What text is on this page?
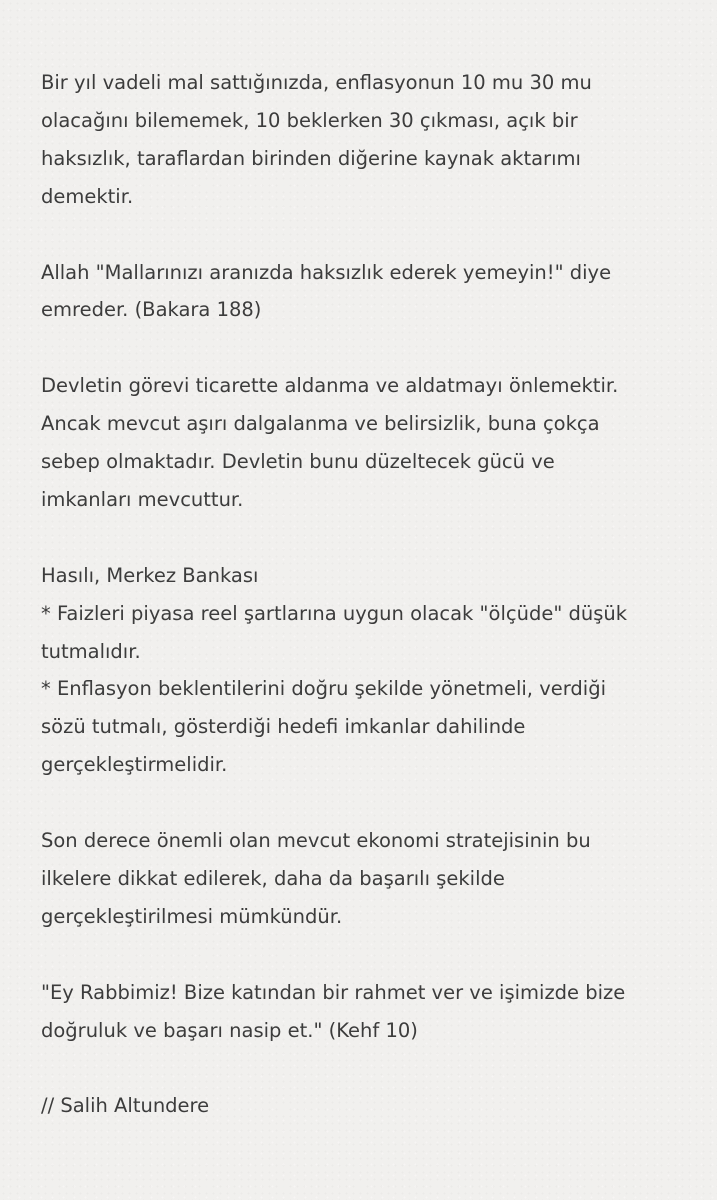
Bir yıl vadeli mal sattığınızda, enflasyonun 10 mu 30 mu
olacağını bilememek, 10 beklerken 30 çıkması, açık bir
haksızlık, taraflardan birinden diğerine kaynak aktarımı
demektir.

Allah "Mallarınızı aranızda haksızlık ederek yemeyin!" diye
emreder. (Bakara 188)

Devletin görevi ticarette aldanma ve aldatmayı önlemektir.
Ancak mevcut aşırı dalgalanma ve belirsizlik, buna çokça
sebep olmaktadır. Devletin bunu düzeltecek gücü ve
imkanları mevcuttur.

Hasılı, Merkez Bankası
* Faizleri piyasa reel şartlarına uygun olacak "ölçüde" düşük
tutmalıdır.
* Enflasyon beklentilerini doğru şekilde yönetmeli, verdiği
sözü tutmalı, gösterdiği hedefi imkanlar dahilinde
gerçekleştirmelidir.

Son derece önemli olan mevcut ekonomi stratejisinin bu
ilkelere dikkat edilerek, daha da başarılı şekilde
gerçekleştirilmesi mümkündür.

"Ey Rabbimiz! Bize katından bir rahmet ver ve işimizde bize
doğruluk ve başarı nasip et." (Kehf 10)

// Salih Altundere
